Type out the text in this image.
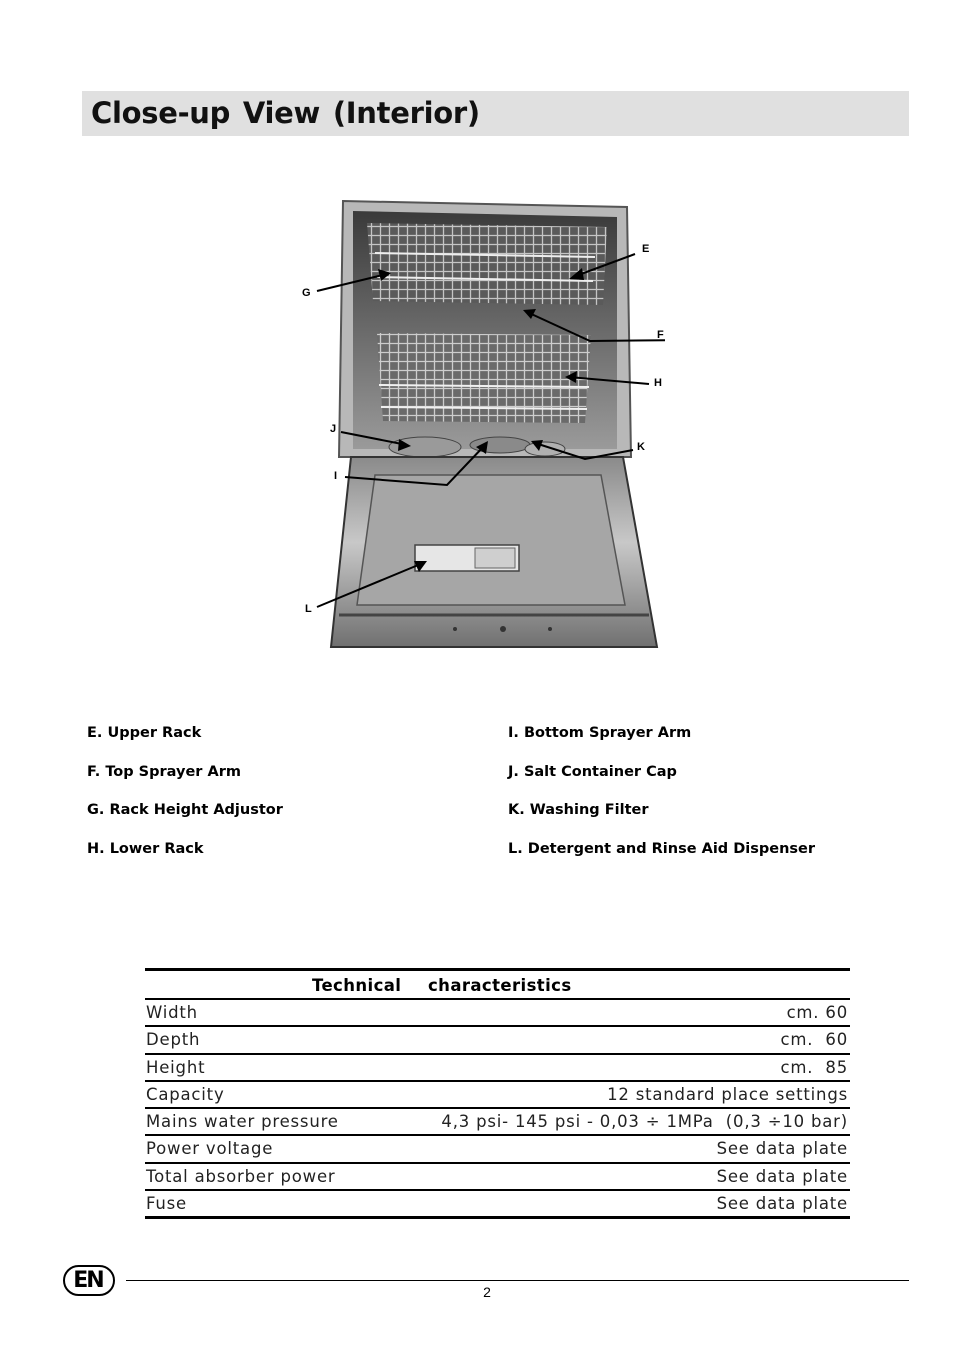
Close-up View (Interior)
E
F
G
H
I
J
K
L
E. Upper Rack
F. Top Sprayer Arm
G. Rack Height Adjustor
H. Lower Rack
I. Bottom Sprayer Arm
J. Salt Container Cap
K. Washing Filter
L. Detergent and Rinse Aid Dispenser
Technical characteristics
Width	cm. 60
Depth	cm.  60
Height	cm.  85
Capacity	12 standard place settings
Mains water pressure	4,3 psi- 145 psi - 0,03 ÷ 1MPa  (0,3 ÷10 bar)
Power voltage	See data plate
Total absorber power	See data plate
Fuse	See data plate
EN	2
